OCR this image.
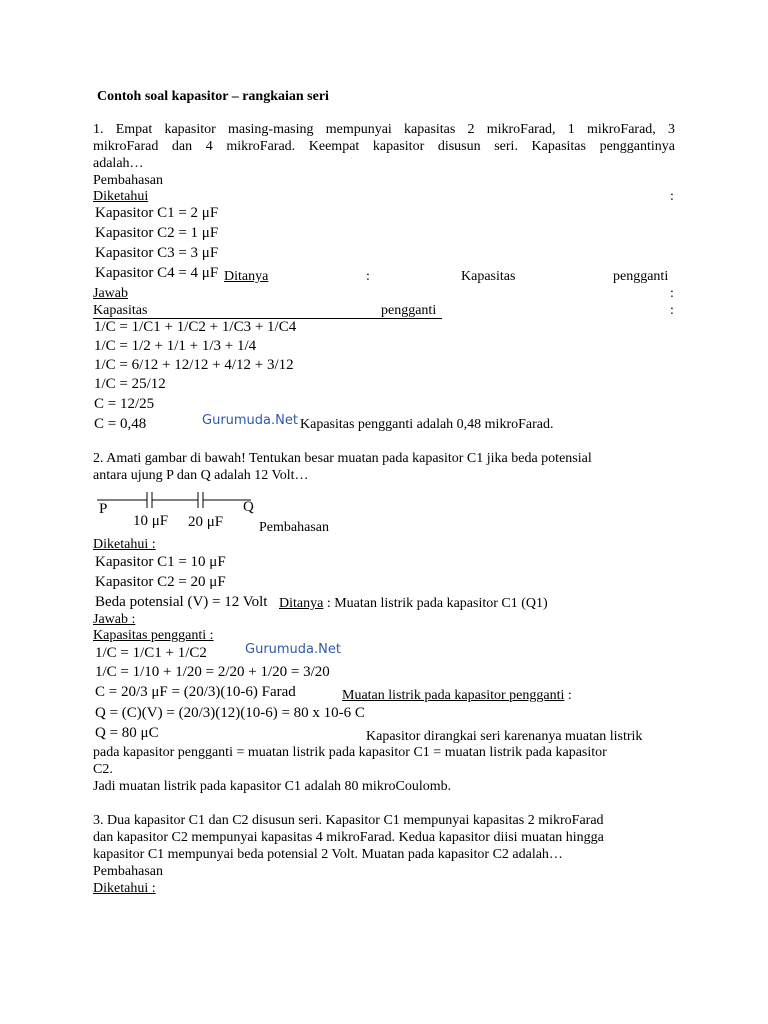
Contoh soal kapasitor – rangkaian seri
1. Empat kapasitor masing-masing mempunyai kapasitas 2 mikroFarad, 1 mikroFarad, 3
mikroFarad dan 4 mikroFarad. Keempat kapasitor disusun seri. Kapasitas penggantinya
adalah…
Pembahasan
Diketahui	:
Kapasitor C1 = 2 μF
Kapasitor C2 = 1 μF
Kapasitor C3 = 3 μF
Kapasitor C4 = 4 μF Ditanya	:	Kapasitas	pengganti
Jawab	:
Kapasitas	pengganti	:
1/C = 1/C1 + 1/C2 + 1/C3 + 1/C4
1/C = 1/2 + 1/1 + 1/3 + 1/4
1/C = 6/12 + 12/12 + 4/12 + 3/12
1/C = 25/12
C = 12/25
C = 0,48	Gurumuda.Net Kapasitas pengganti adalah 0,48 mikroFarad.
2. Amati gambar di bawah! Tentukan besar muatan pada kapasitor C1 jika beda potensial
antara ujung P dan Q adalah 12 Volt…
P	Q
10 μF 20 μF	Pembahasan
Diketahui :
Kapasitor C1 = 10 μF
Kapasitor C2 = 20 μF
Beda potensial (V) = 12 Volt Ditanya : Muatan listrik pada kapasitor C1 (Q1)
Jawab :
Kapasitas pengganti :
1/C = 1/C1 + 1/C2	Gurumuda.Net
1/C = 1/10 + 1/20 = 2/20 + 1/20 = 3/20
C = 20/3 μF = (20/3)(10-6) Farad	Muatan listrik pada kapasitor pengganti :
Q = (C)(V) = (20/3)(12)(10-6) = 80 x 10-6 C
Q = 80 μC	Kapasitor dirangkai seri karenanya muatan listrik
pada kapasitor pengganti = muatan listrik pada kapasitor C1 = muatan listrik pada kapasitor
C2.
Jadi muatan listrik pada kapasitor C1 adalah 80 mikroCoulomb.
3. Dua kapasitor C1 dan C2 disusun seri. Kapasitor C1 mempunyai kapasitas 2 mikroFarad
dan kapasitor C2 mempunyai kapasitas 4 mikroFarad. Kedua kapasitor diisi muatan hingga
kapasitor C1 mempunyai beda potensial 2 Volt. Muatan pada kapasitor C2 adalah…
Pembahasan
Diketahui :
